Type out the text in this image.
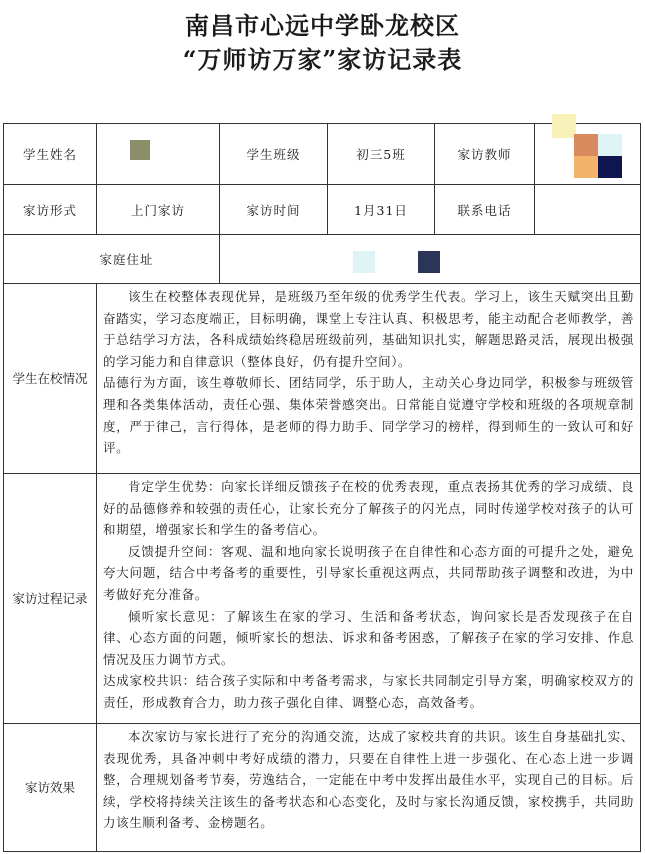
南昌市心远中学卧龙校区
“万师访万家”家访记录表
学生姓名		学生班级	初三5班	家访教师	

家访形式	上门家访	家访时间	1月31日	联系电话	
家庭住址					

学生在校情况	该生在校整体表现优异，是班级乃至年级的优秀学生代表。学习上，该生天赋突出且勤奋踏实，学习态度端正，目标明确，课堂上专注认真、积极思考，能主动配合老师教学，善于总结学习方法，各科成绩始终稳居班级前列，基础知识扎实，解题思路灵活，展现出极强的学习能力和自律意识（整体良好，仍有提升空间）。

品德行为方面，该生尊敬师长、团结同学，乐于助人，主动关心身边同学，积极参与班级管理和各类集体活动，责任心强、集体荣誉感突出。日常能自觉遵守学校和班级的各项规章制度，严于律己，言行得体，是老师的得力助手、同学学习的榜样，得到师生的一致认可和好评。				

家访过程记录	肯定学生优势：向家长详细反馈孩子在校的优秀表现，重点表扬其优秀的学习成绩、良好的品德修养和较强的责任心，让家长充分了解孩子的闪光点，同时传递学校对孩子的认可和期望，增强家长和学生的备考信心。

反馈提升空间：客观、温和地向家长说明孩子在自律性和心态方面的可提升之处，避免夸大问题，结合中考备考的重要性，引导家长重视这两点，共同帮助孩子调整和改进，为中考做好充分准备。

倾听家长意见：了解该生在家的学习、生活和备考状态，询问家长是否发现孩子在自律、心态方面的问题，倾听家长的想法、诉求和备考困惑，了解孩子在家的学习安排、作息情况及压力调节方式。

达成家校共识：结合孩子实际和中考备考需求，与家长共同制定引导方案，明确家校双方的责任，形成教育合力，助力孩子强化自律、调整心态，高效备考。				

家访效果	本次家访与家长进行了充分的沟通交流，达成了家校共育的共识。该生自身基础扎实、表现优秀，具备冲刺中考好成绩的潜力，只要在自律性上进一步强化、在心态上进一步调整，合理规划备考节奏，劳逸结合，一定能在中考中发挥出最佳水平，实现自己的目标。后续，学校将持续关注该生的备考状态和心态变化，及时与家长沟通反馈，家校携手，共同助力该生顺利备考、金榜题名。				
